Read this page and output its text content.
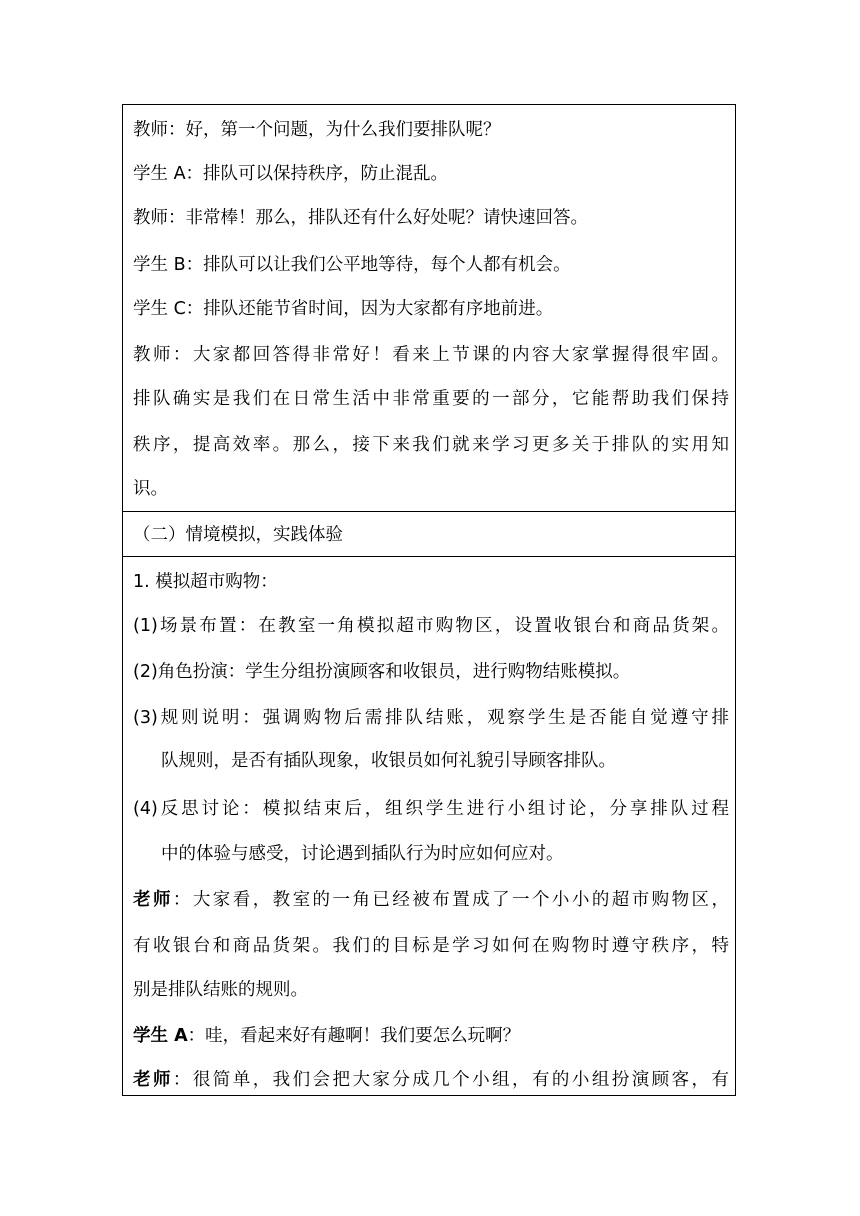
教师：好，第一个问题，为什么我们要排队呢？
学生 A：排队可以保持秩序，防止混乱。
教师：非常棒！那么，排队还有什么好处呢？请快速回答。
学生 B：排队可以让我们公平地等待，每个人都有机会。
学生 C：排队还能节省时间，因为大家都有序地前进。
教师：大家都回答得非常好！看来上节课的内容大家掌握得很牢固。
排队确实是我们在日常生活中非常重要的一部分，它能帮助我们保持
秩序，提高效率。那么，接下来我们就来学习更多关于排队的实用知
识。
（二）情境模拟，实践体验
1. 模拟超市购物：
(1)场景布置：在教室一角模拟超市购物区，设置收银台和商品货架。
(2)角色扮演：学生分组扮演顾客和收银员，进行购物结账模拟。
(3)规则说明：强调购物后需排队结账，观察学生是否能自觉遵守排
队规则，是否有插队现象，收银员如何礼貌引导顾客排队。
(4)反思讨论：模拟结束后，组织学生进行小组讨论，分享排队过程
中的体验与感受，讨论遇到插队行为时应如何应对。
老师：大家看，教室的一角已经被布置成了一个小小的超市购物区，
有收银台和商品货架。我们的目标是学习如何在购物时遵守秩序，特
别是排队结账的规则。
学生 A：哇，看起来好有趣啊！我们要怎么玩啊？
老师：很简单，我们会把大家分成几个小组，有的小组扮演顾客，有
